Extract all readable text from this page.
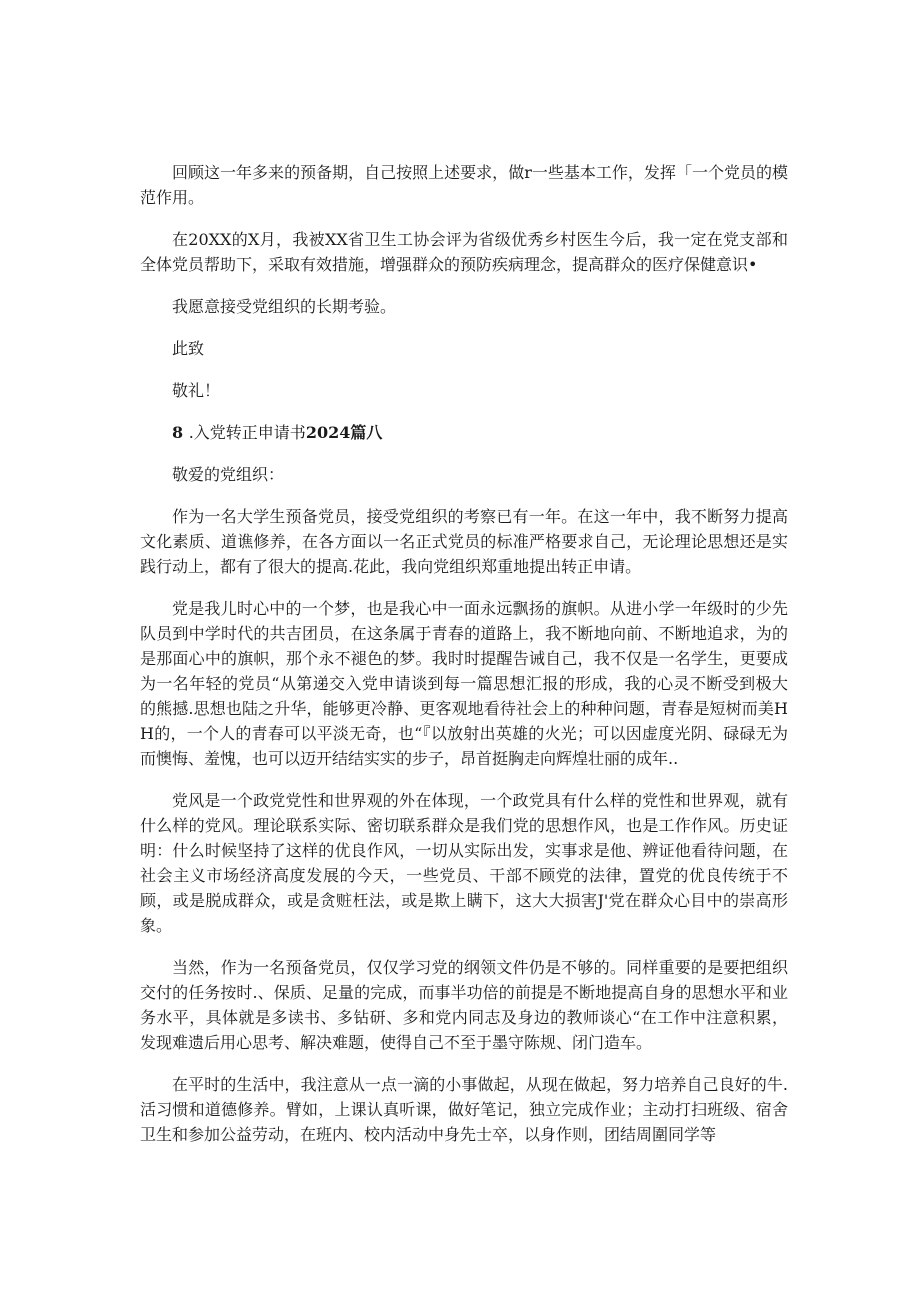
回顾这一年多来的预备期，自己按照上述要求，做r一些基本工作，发挥「一个党员的模范作用。

在20XX的X月，我被XX省卫生工协会评为省级优秀乡村医生今后，我一定在党支部和全体党员帮助下，采取有效措施，增强群众的预防疾病理念，提高群众的医疗保健意识•

我愿意接受党组织的长期考验。

此致

敬礼！

8 .入党转正申请书2024篇八

敬爱的党组织：

作为一名大学生预备党员，接受党组织的考察已有一年。在这一年中，我不断努力提高文化素质、道谯修养，在各方面以一名正式党员的标准严格要求自己，无论理论思想还是实践行动上，都有了很大的提高.花此，我向党组织郑重地提出转正申请。

党是我儿时心中的一个梦，也是我心中一面永远飘扬的旗帜。从进小学一年级时的少先队员到中学时代的共吉团员，在这条属于青春的道路上，我不断地向前、不断地追求，为的是那面心中的旗帜，那个永不褪色的梦。我时时提醒告诫自己，我不仅是一名学生，更要成为一名年轻的党员“从第递交入党申请谈到每一篇思想汇报的形成，我的心灵不断受到极大的熊撼.思想也陆之升华，能够更冷静、更客观地看待社会上的种种问题，青春是短树而美HH的，一个人的青春可以平淡无奇，也“『以放射出英雄的火光；可以因虚度光阴、碌碌无为而懊悔、羞愧，也可以迈开结结实实的步子，昂首挺胸走向辉煌壮丽的成年..

党风是一个政党党性和世界观的外在体现，一个政党具有什么样的党性和世界观，就有什么样的党风。理论联系实际、密切联系群众是我们党的思想作风，也是工作作风。历史证明：什么时候坚持了这样的优良作风，一切从实际出发，实事求是他、辨证他看待问题，在社会主义市场经济高度发展的今天，一些党员、干部不顾党的法律，置党的优良传统于不顾，或是脱成群众，或是贪赃枉法，或是欺上瞒下，这大大损害J'党在群众心目中的崇高形象。

当然，作为一名预备党员，仅仅学习党的纲领文件仍是不够的。同样重要的是要把组织交付的任务按时.、保质、足量的完成，而事半功倍的前提是不断地提高自身的思想水平和业务水平，具体就是多读书、多钻研、多和党内同志及身边的教师谈心“在工作中注意积累，发现难遗后用心思考、解决难题，使得自己不至于墨守陈规、闭门造车。

在平时的生活中，我注意从一点一滴的小事做起，从现在做起，努力培养自己良好的牛.活习惯和道德修养。臂如，上课认真听课，做好笔记，独立完成作业；主动打扫班级、宿舍卫生和参加公益劳动，在班内、校内活动中身先士卒，以身作则，团结周圍同学等
